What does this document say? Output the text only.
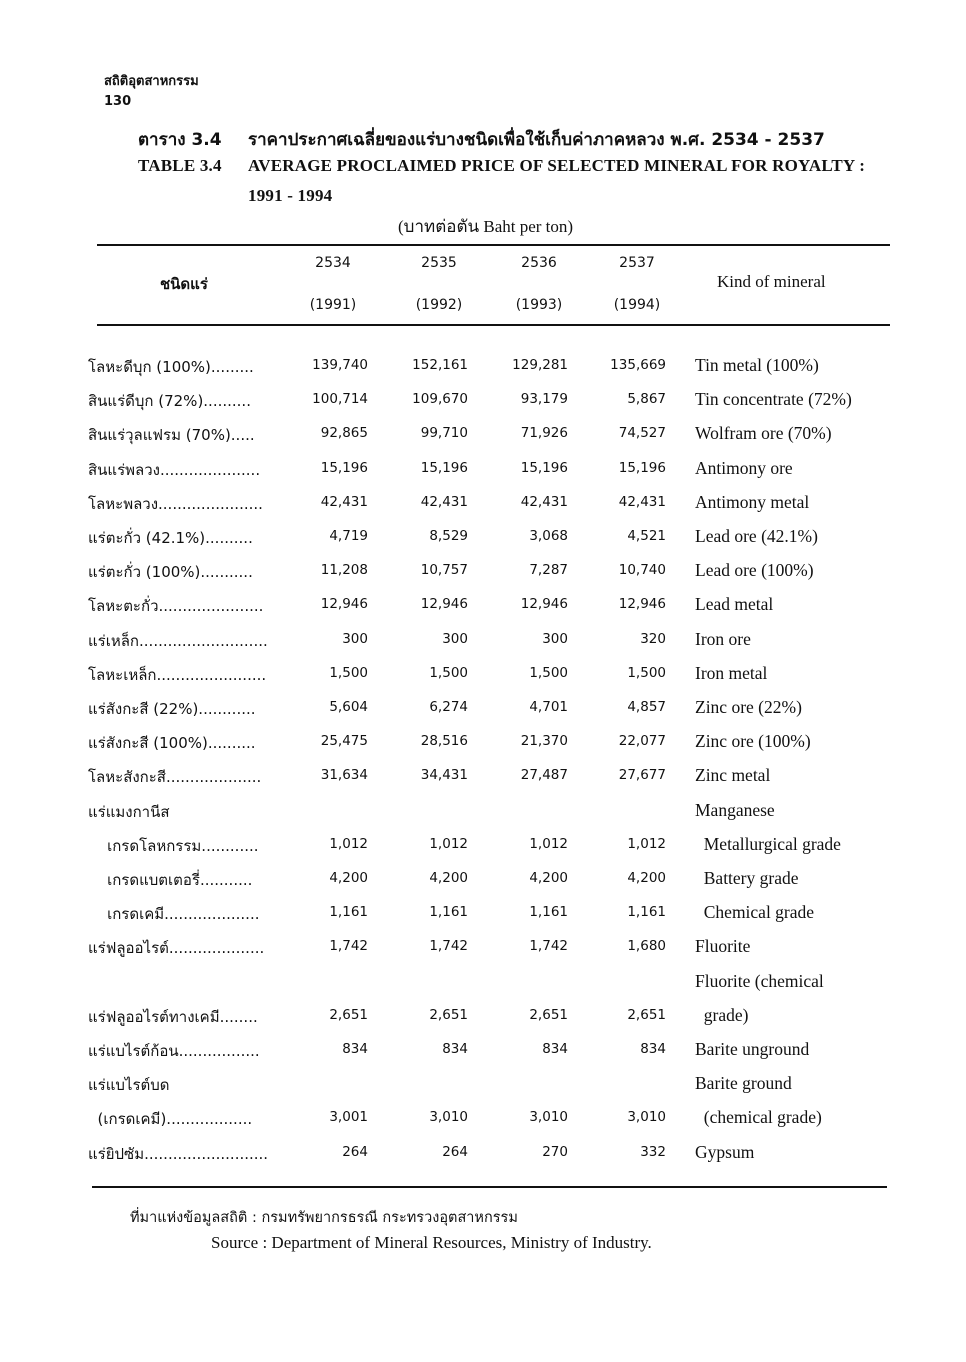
สถิติอุตสาหกรรม
130
ตาราง 3.4 ราคาประกาศเฉลี่ยของแร่บางชนิดเพื่อใช้เก็บค่าภาคหลวง พ.ศ. 2534 - 2537
TABLE 3.4 AVERAGE PROCLAIMED PRICE OF SELECTED MINERAL FOR ROYALTY :
1991 - 1994
(บาทต่อตัน Baht per ton)
ชนิดแร่	Kind of mineral
2534	2535	2536	2537
(1991)	(1992)	(1993)	(1994)
โลหะดีบุก (100%).........	139,740	152,161	129,281	135,669 Tin metal (100%)
สินแร่ดีบุก (72%)..........	100,714	109,670	93,179	5,867 Tin concentrate (72%)
สินแร่วุลแฟรม (70%).....	92,865	99,710	71,926	74,527 Wolfram ore (70%)
สินแร่พลวง.....................	15,196	15,196	15,196	15,196 Antimony ore
โลหะพลวง......................	42,431	42,431	42,431	42,431 Antimony metal
แร่ตะกั่ว (42.1%)..........	4,719	8,529	3,068	4,521 Lead ore (42.1%)
แร่ตะกั่ว (100%)...........	11,208	10,757	7,287	10,740 Lead ore (100%)
โลหะตะกั่ว......................	12,946	12,946	12,946	12,946 Lead metal
แร่เหล็ก...........................	300	300	300	320 Iron ore
โลหะเหล็ก.......................	1,500	1,500	1,500	1,500 Iron metal
แร่สังกะสี (22%)............	5,604	6,274	4,701	4,857 Zinc ore (22%)
แร่สังกะสี (100%)..........	25,475	28,516	21,370	22,077 Zinc ore (100%)
โลหะสังกะสี....................	31,634	34,431	27,487	27,677 Zinc metal
แร่แมงกานีส	Manganese
เกรดโลหกรรม............	1,012	1,012	1,012	1,012 Metallurgical grade
เกรดแบตเตอรี่...........	4,200	4,200	4,200	4,200 Battery grade
เกรดเคมี....................	1,161	1,161	1,161	1,161 Chemical grade
แร่ฟลูออไรต์....................	1,742	1,742	1,742	1,680 Fluorite
Fluorite (chemical
แร่ฟลูออไรต์ทางเคมี........	2,651	2,651	2,651	2,651 grade)
แร่แบไรต์ก้อน.................	834	834	834	834 Barite unground
แร่แบไรต์บด	Barite ground
(เกรดเคมี)..................	3,001	3,010	3,010	3,010 (chemical grade)
แร่ยิปซัม..........................	264	264	270	332 Gypsum
ที่มาแห่งข้อมูลสถิติ : กรมทรัพยากรธรณี กระทรวงอุตสาหกรรม
Source : Department of Mineral Resources, Ministry of Industry.
